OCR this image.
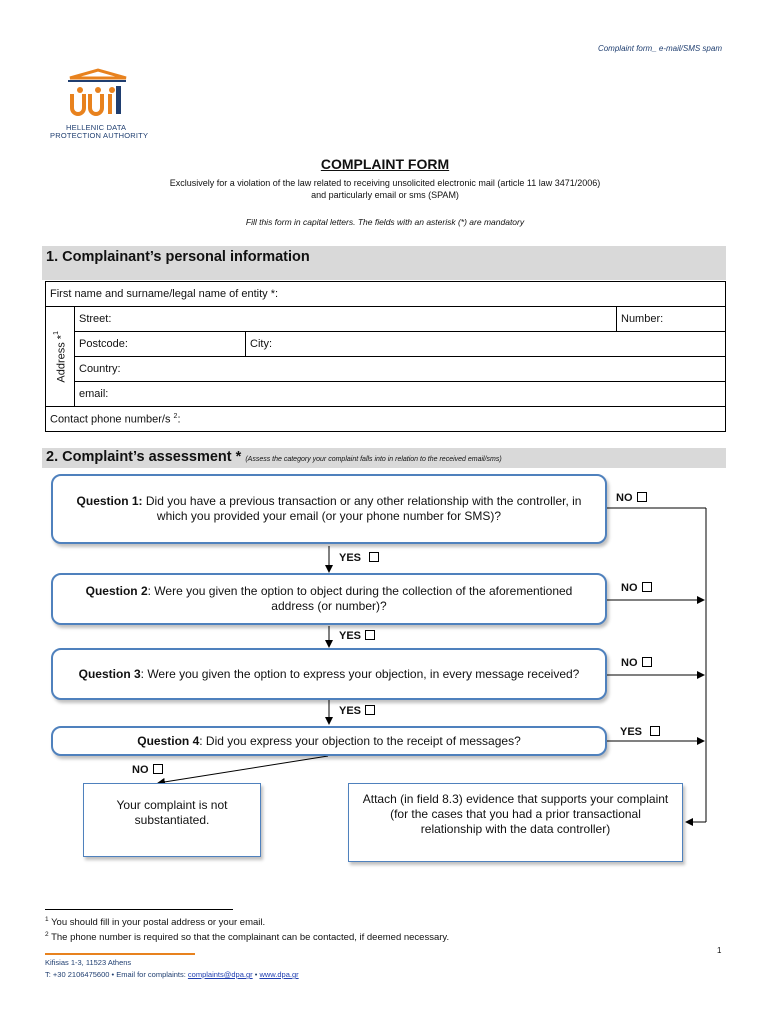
Complaint form_ e-mail/SMS spam
HELLENIC DATA
PROTECTION AUTHORITY
COMPLAINT FORM
Exclusively for a violation of the law related to receiving unsolicited electronic mail (article 11 law 3471/2006)
and particularly email or sms (SPAM)
Fill this form in capital letters. The fields with an asterisk (*) are mandatory
1. Complainant’s personal information
First name and surname/legal name of entity *:			

Address *$^1$	Street:		Number:
	Postcode:	City:	
	Country:		
	email:		
Contact phone number/s $^2$:			
2. Complaint’s assessment * (Assess the category your complaint falls into in relation to the received email/sms)
Question 1: Did you have a previous transaction or any other relationship with the controller, in which you provided your email (or your phone number for SMS)?
NO
YES
Question 2: Were you given the option to object during the collection of the aforementioned address (or number)?
NO
YES
Question 3: Were you given the option to express your objection, in every message received?
NO
YES
Question 4: Did you express your objection to the receipt of messages?
YES
NO
Your complaint is not substantiated.
Attach (in field 8.3) evidence that supports your complaint (for the cases that you had a prior transactional relationship with the data controller)
$^1$ You should fill in your postal address or your email.
$^2$ The phone number is required so that the complainant can be contacted, if deemed necessary.
1
Kifisias 1-3, 11523 Athens
T: +30 2106475600 • Email for complaints: complaints@dpa.gr • www.dpa.gr
